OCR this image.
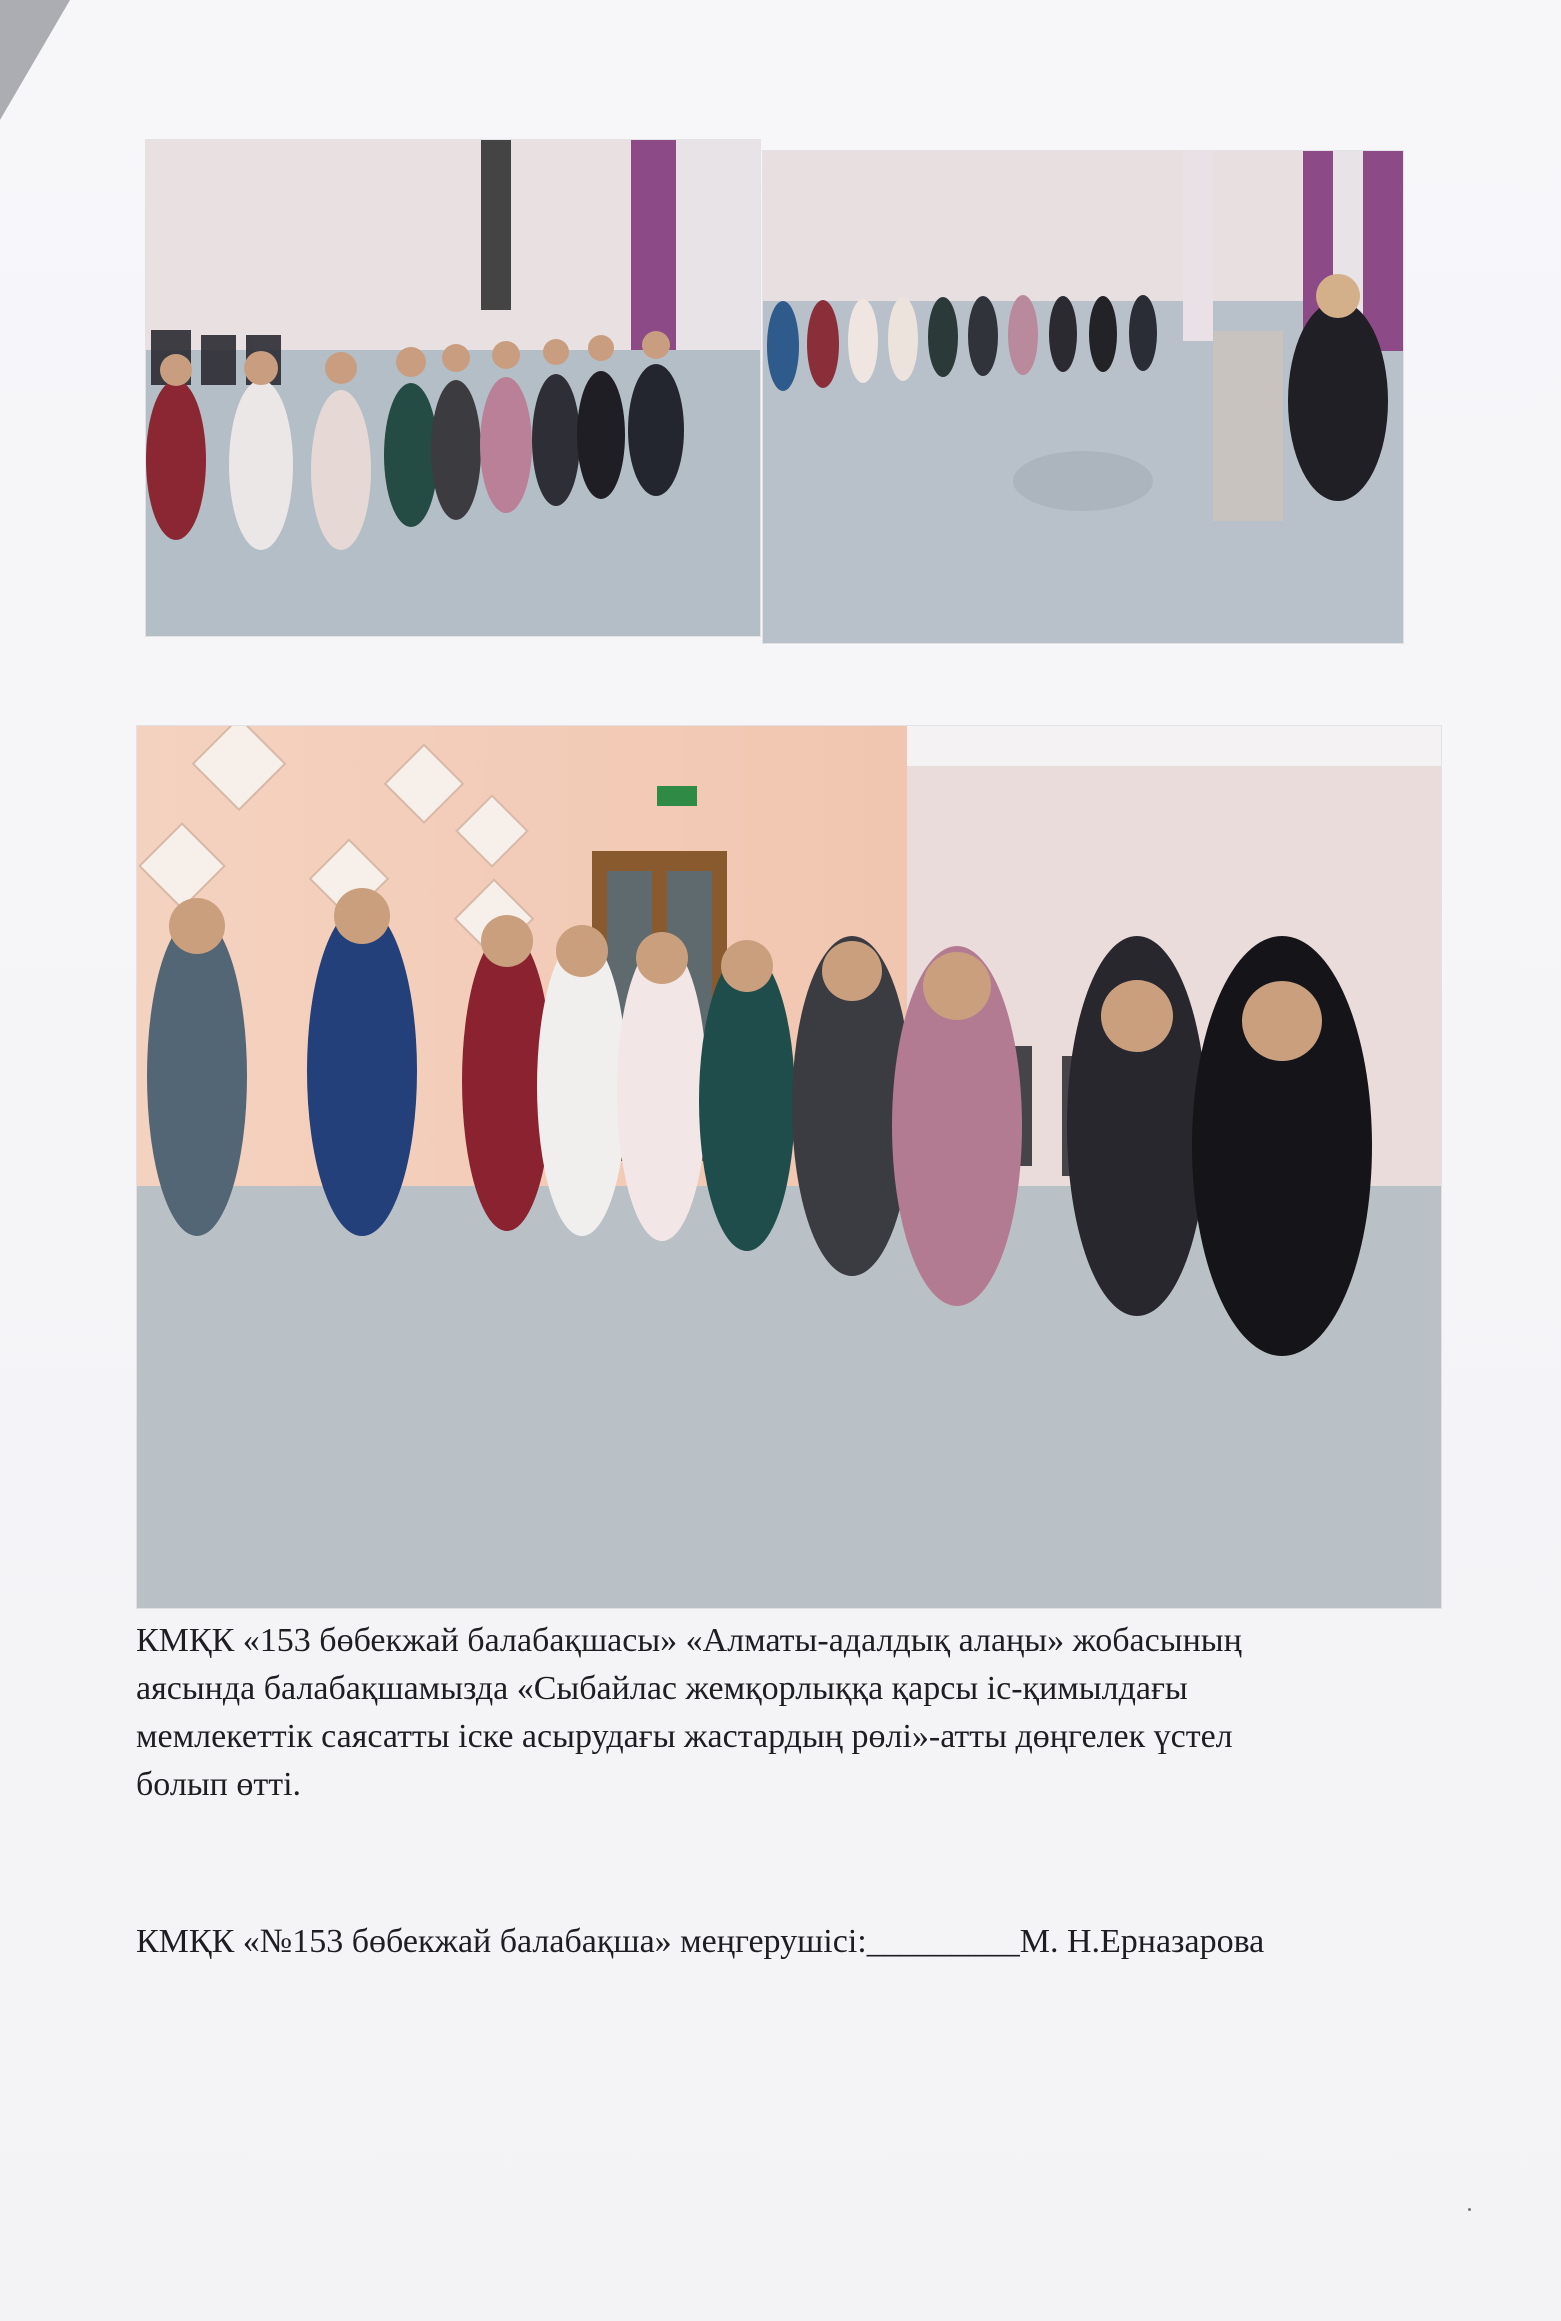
КМҚК «153 бөбекжай балабақшасы» «Алматы-адалдық алаңы» жобасының

аясында балабақшамызда «Сыбайлас жемқорлыққа қарсы іс-қимылдағы

мемлекеттік саясатты іске асырудағы жастардың рөлі»-атты дөңгелек үстел

болып өтті.

КМҚК «№153 бөбекжай балабақша» меңгерушісі:_________М. Н.Ерназарова
